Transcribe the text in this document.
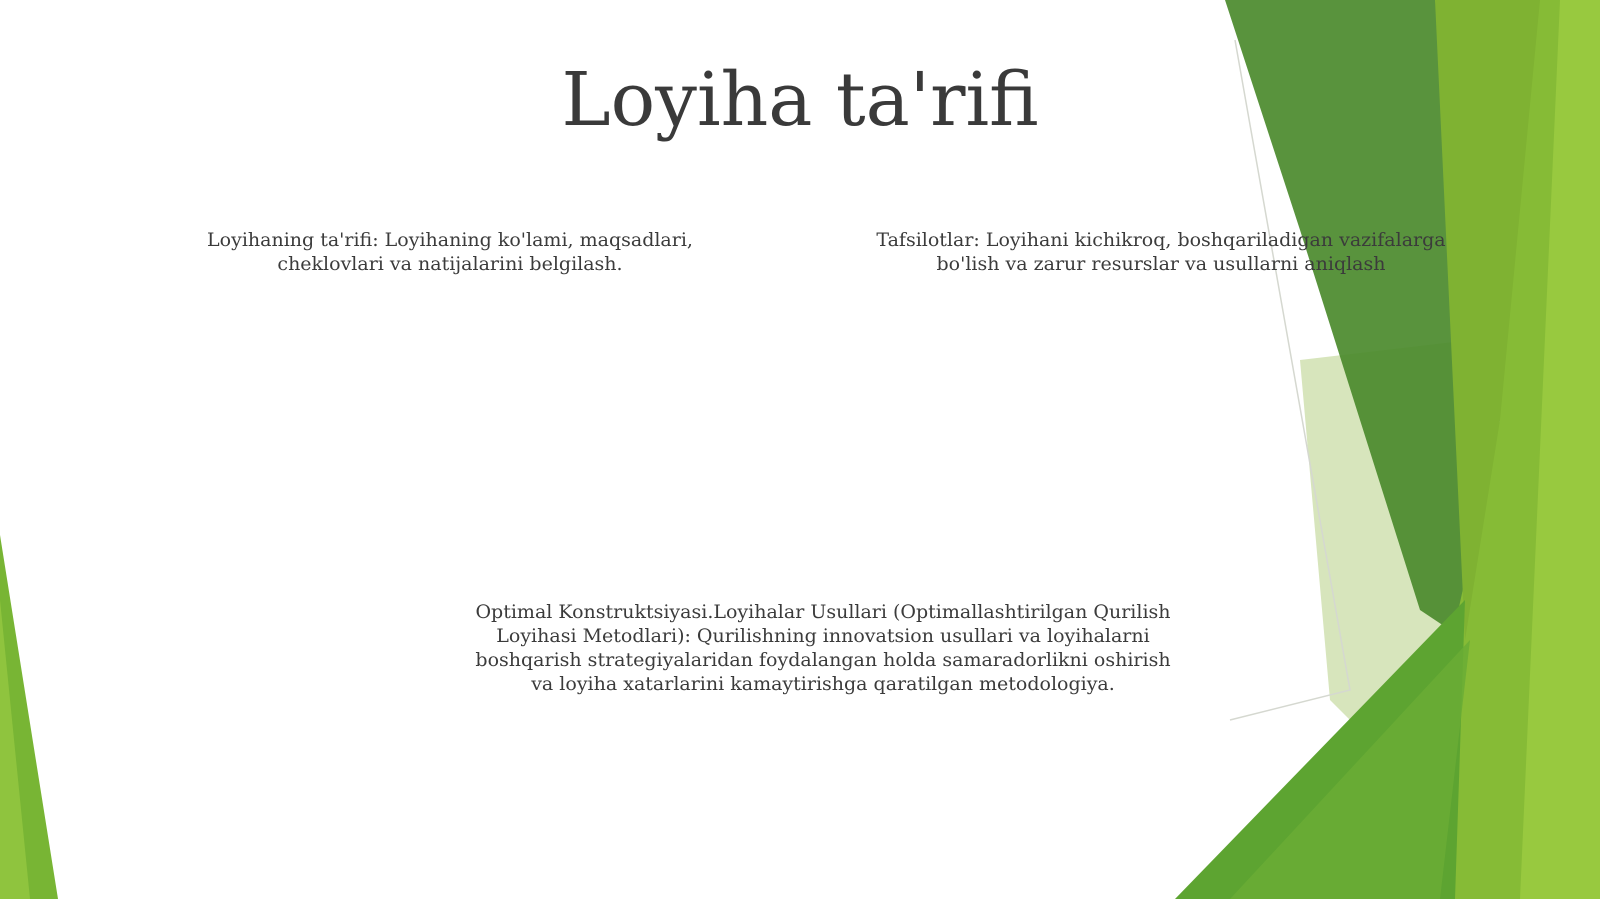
Loyiha ta'rifi

Loyihaning ta'rifi: Loyihaning ko'lami, maqsadlari, cheklovlari va natijalarini belgilash.

Tafsilotlar: Loyihani kichikroq, boshqariladigan vazifalarga bo'lish va zarur resurslar va usullarni aniqlash

Optimal Konstruktsiyasi.Loyihalar Usullari (Optimallashtirilgan Qurilish Loyihasi Metodlari): Qurilishning innovatsion usullari va loyihalarni boshqarish strategiyalaridan foydalangan holda samaradorlikni oshirish va loyiha xatarlarini kamaytirishga qaratilgan metodologiya.
